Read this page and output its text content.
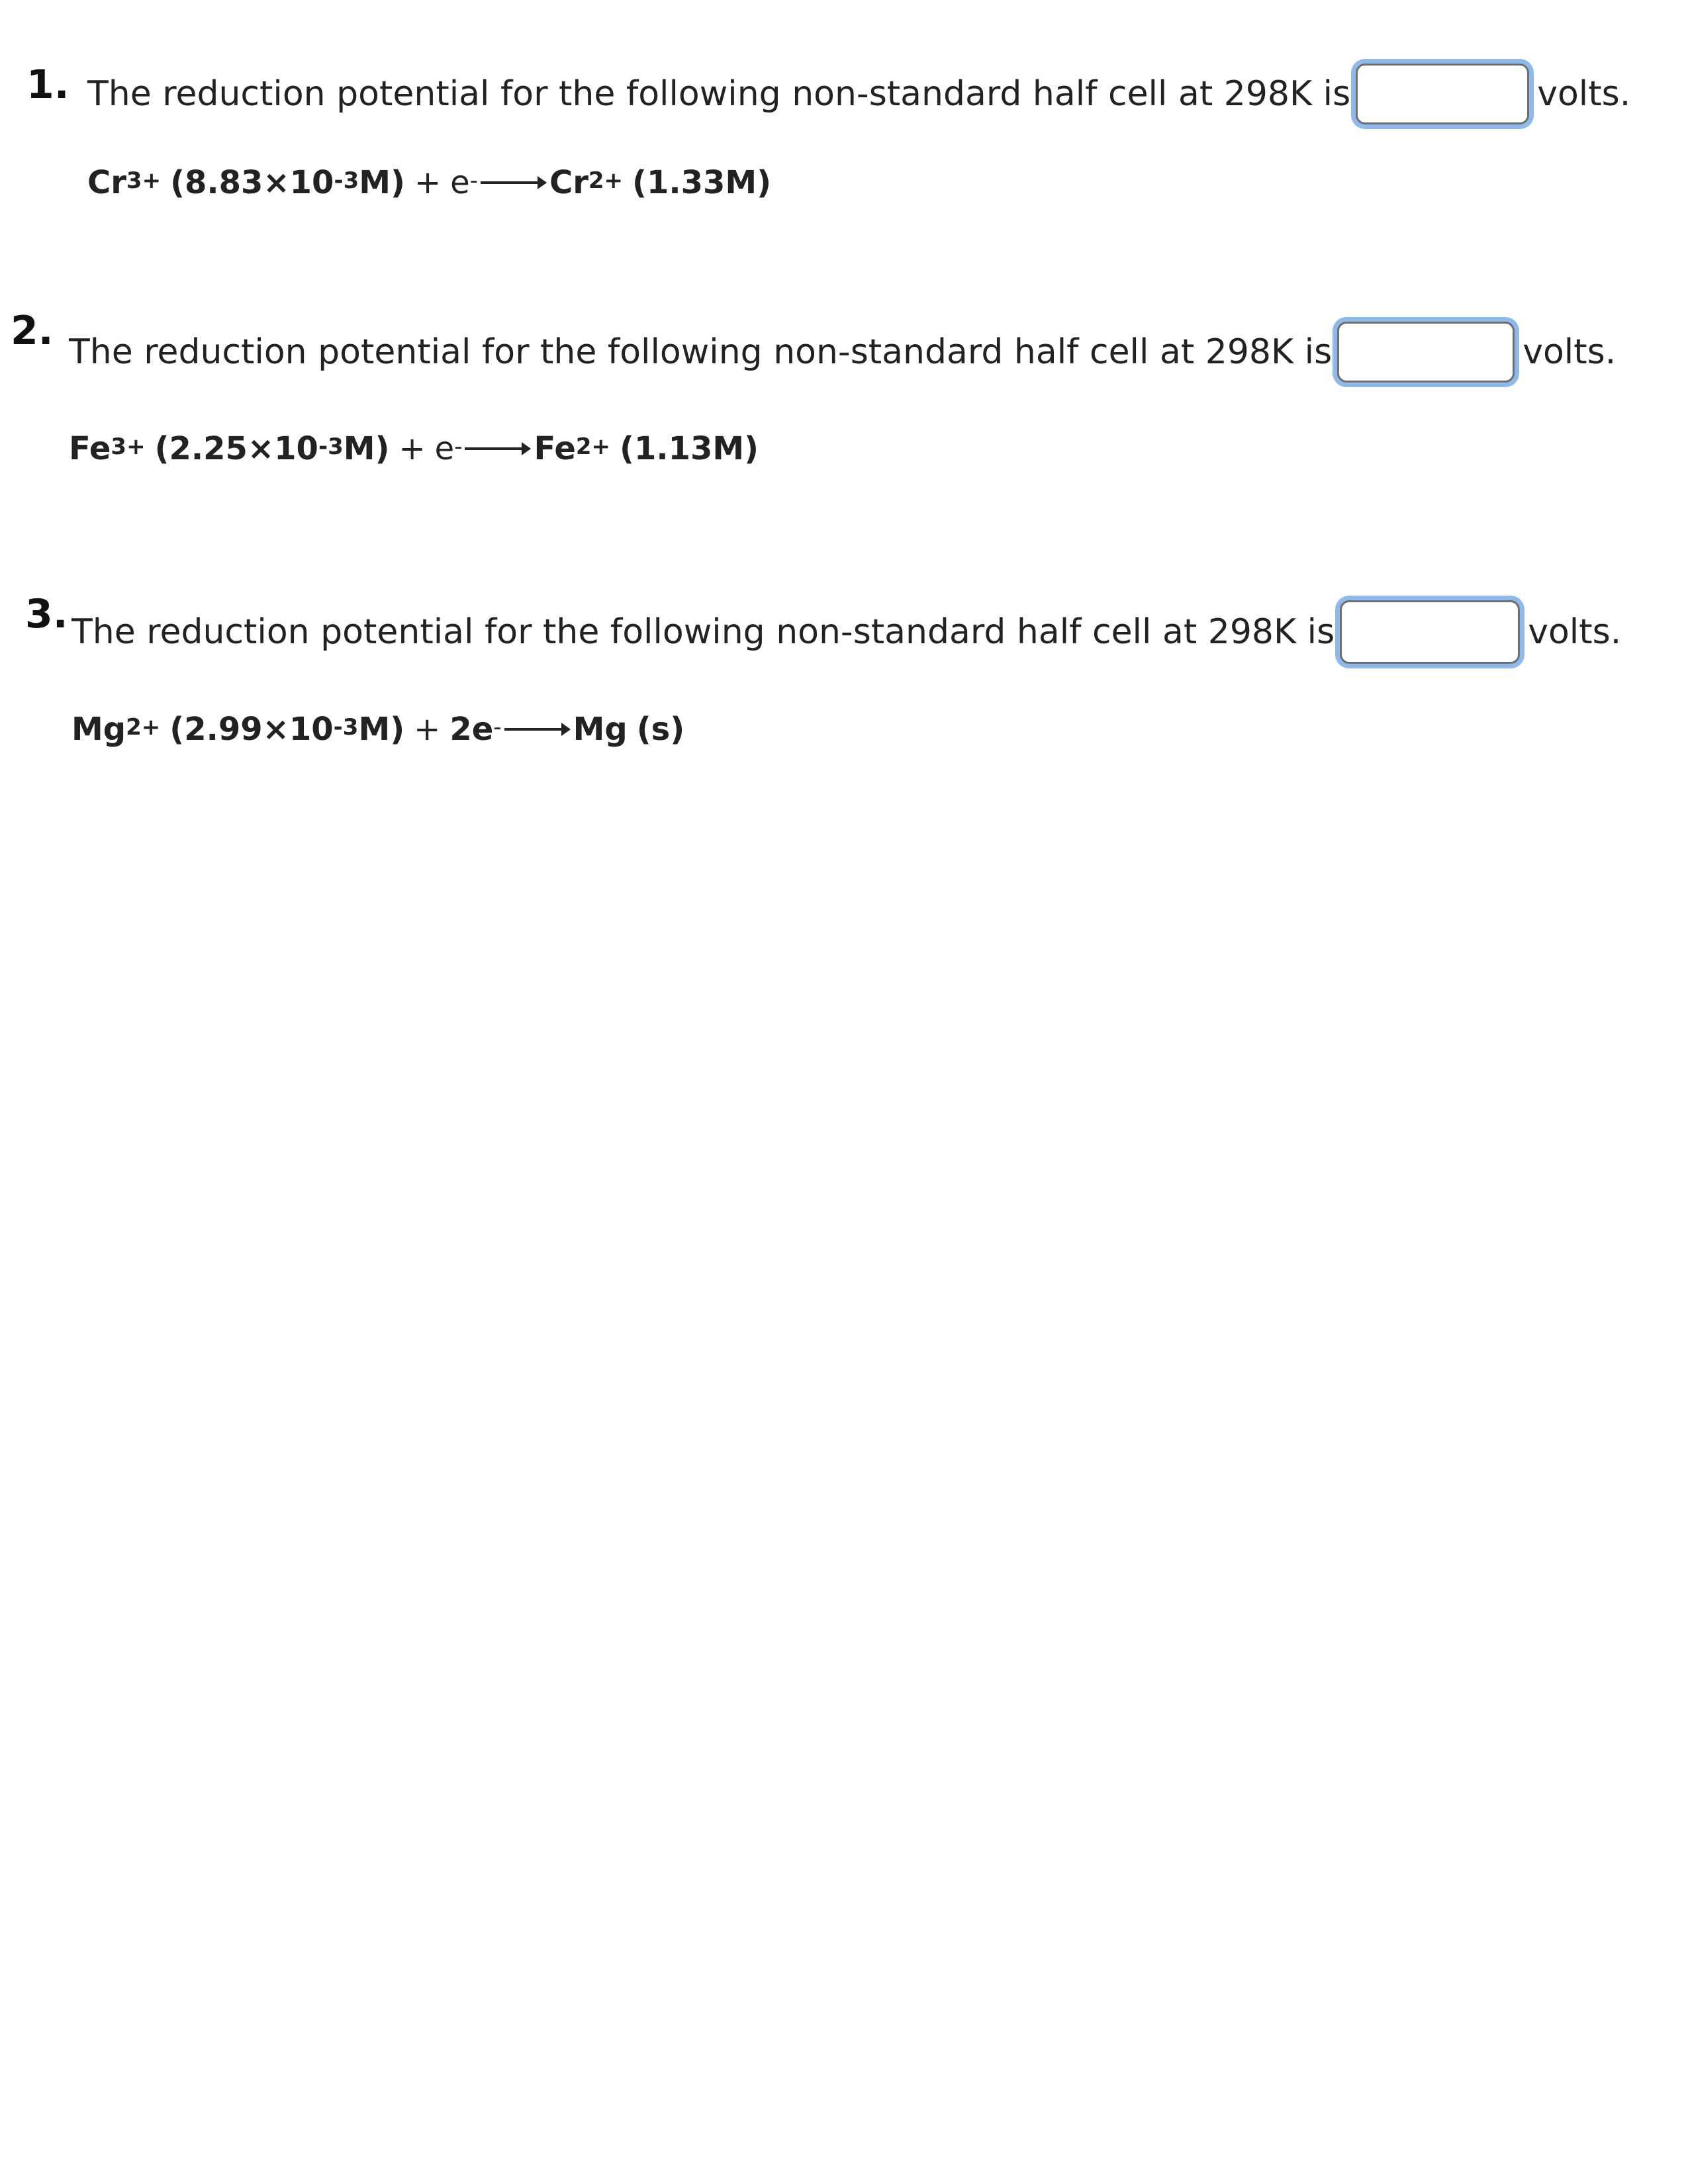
1. The reduction potential for the following non-standard half cell at 298K is	volts.
$Cr^{3+}$ ($8.83\times 10^{-3}$ $M) + e^- \to Cr^{2+}$ (1.33M)
2. The reduction potential for the following non-standard half cell at 298K is	volts.
$Fe^{3+}$ ($2.25\times 10^{-3}$ $M) + e^- \to Fe^{2+}$ (1.13M)
3. The reduction potential for the following non-standard half cell at 298K is	volts.
$Mg^{2+}$ ($2.99\times 10^{-3}$ M) + 2e- → Mg (s)
